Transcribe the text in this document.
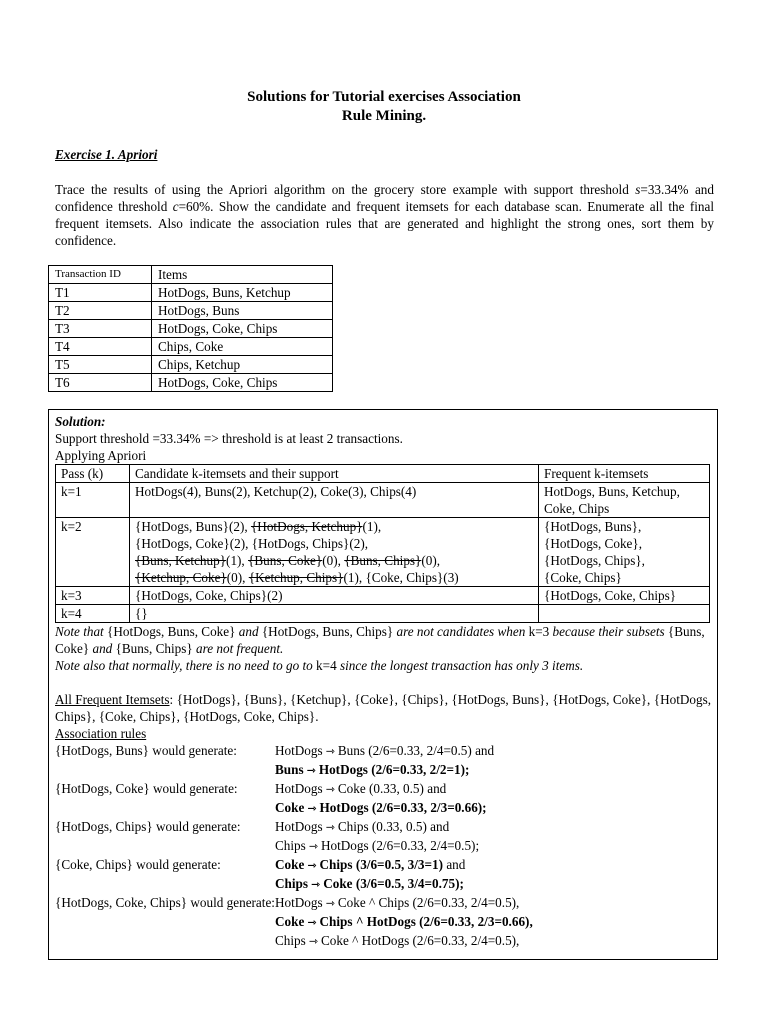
Solutions for Tutorial exercises Association
Rule Mining.
Exercise 1. Apriori
Trace the results of using the Apriori algorithm on the grocery store example with support threshold s=33.34% and confidence threshold c=60%. Show the candidate and frequent itemsets for each database scan. Enumerate all the final frequent itemsets. Also indicate the association rules that are generated and highlight the strong ones, sort them by confidence.
Transaction ID	Items
T1	HotDogs, Buns, Ketchup
T2	HotDogs, Buns
T3	HotDogs, Coke, Chips
T4	Chips, Coke
T5	Chips, Ketchup
T6	HotDogs, Coke, Chips

Solution:

Support threshold =33.34% => threshold is at least 2 transactions.

Applying Apriori

Pass (k)	Candidate k-itemsets and their support	Frequent k-itemsets
k=1	HotDogs(4), Buns(2), Ketchup(2), Coke(3), Chips(4)	HotDogs, Buns, Ketchup, Coke, Chips
k=2	{HotDogs, Buns}(2), {HotDogs, Ketchup}(1),
{HotDogs, Coke}(2), {HotDogs, Chips}(2),
{Buns, Ketchup}(1), {Buns, Coke}(0), {Buns, Chips}(0),
{Ketchup, Coke}(0), {Ketchup, Chips}(1), {Coke, Chips}(3)	{HotDogs, Buns},
{HotDogs, Coke},
{HotDogs, Chips},
{Coke, Chips}
k=3	{HotDogs, Coke, Chips}(2)	{HotDogs, Coke, Chips}
k=4	{}	

Note that {HotDogs, Buns, Coke} and {HotDogs, Buns, Chips} are not candidates when k=3 because their subsets {Buns, Coke} and {Buns, Chips} are not frequent.

Note also that normally, there is no need to go to k=4 since the longest transaction has only 3 items.

All Frequent Itemsets: {HotDogs}, {Buns}, {Ketchup}, {Coke}, {Chips}, {HotDogs, Buns}, {HotDogs, Coke}, {HotDogs, Chips}, {Coke, Chips}, {HotDogs, Coke, Chips}.

Association rules

{HotDogs, Buns} would generate:	HotDogs ⇾ Buns (2/6=0.33, 2/4=0.5) and
Buns ⇾ HotDogs (2/6=0.33, 2/2=1);
{HotDogs, Coke} would generate:	HotDogs ⇾ Coke (0.33, 0.5) and
Coke ⇾ HotDogs (2/6=0.33, 2/3=0.66);
{HotDogs, Chips} would generate:	HotDogs ⇾ Chips (0.33, 0.5) and
Chips ⇾ HotDogs (2/6=0.33, 2/4=0.5);
{Coke, Chips} would generate:	Coke ⇾ Chips (3/6=0.5, 3/3=1) and
Chips ⇾ Coke (3/6=0.5, 3/4=0.75);
{HotDogs, Coke, Chips} would generate: HotDogs ⇾ Coke ^ Chips (2/6=0.33, 2/4=0.5),
Coke ⇾ Chips ^ HotDogs (2/6=0.33, 2/3=0.66),
Chips ⇾ Coke ^ HotDogs (2/6=0.33, 2/4=0.5),
